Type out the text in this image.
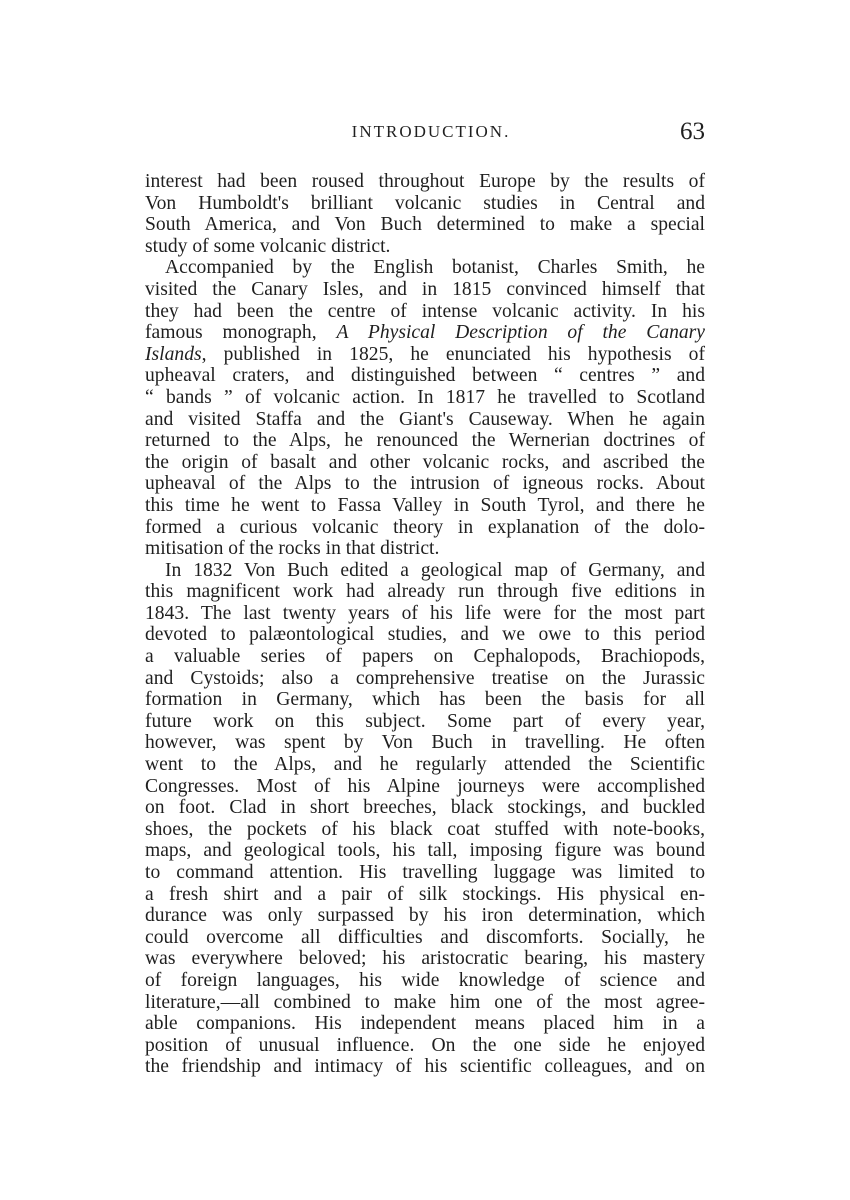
INTRODUCTION.	63
interest had been roused throughout Europe by the results of
Von Humboldt's brilliant volcanic studies in Central and
South America, and Von Buch determined to make a special
study of some volcanic district.
Accompanied by the English botanist, Charles Smith, he
visited the Canary Isles, and in 1815 convinced himself that
they had been the centre of intense volcanic activity. In his
famous monograph, A Physical Description of the Canary
Islands, published in 1825, he enunciated his hypothesis of
upheaval craters, and distinguished between “ centres ” and
“ bands ” of volcanic action. In 1817 he travelled to Scotland
and visited Staffa and the Giant's Causeway. When he again
returned to the Alps, he renounced the Wernerian doctrines of
the origin of basalt and other volcanic rocks, and ascribed the
upheaval of the Alps to the intrusion of igneous rocks. About
this time he went to Fassa Valley in South Tyrol, and there he
formed a curious volcanic theory in explanation of the dolo-
mitisation of the rocks in that district.
In 1832 Von Buch edited a geological map of Germany, and
this magnificent work had already run through five editions in
1843. The last twenty years of his life were for the most part
devoted to palæontological studies, and we owe to this period
a valuable series of papers on Cephalopods, Brachiopods,
and Cystoids; also a comprehensive treatise on the Jurassic
formation in Germany, which has been the basis for all
future work on this subject. Some part of every year,
however, was spent by Von Buch in travelling. He often
went to the Alps, and he regularly attended the Scientific
Congresses. Most of his Alpine journeys were accomplished
on foot. Clad in short breeches, black stockings, and buckled
shoes, the pockets of his black coat stuffed with note-books,
maps, and geological tools, his tall, imposing figure was bound
to command attention. His travelling luggage was limited to
a fresh shirt and a pair of silk stockings. His physical en-
durance was only surpassed by his iron determination, which
could overcome all difficulties and discomforts. Socially, he
was everywhere beloved; his aristocratic bearing, his mastery
of foreign languages, his wide knowledge of science and
literature,—all combined to make him one of the most agree-
able companions. His independent means placed him in a
position of unusual influence. On the one side he enjoyed
the friendship and intimacy of his scientific colleagues, and on
